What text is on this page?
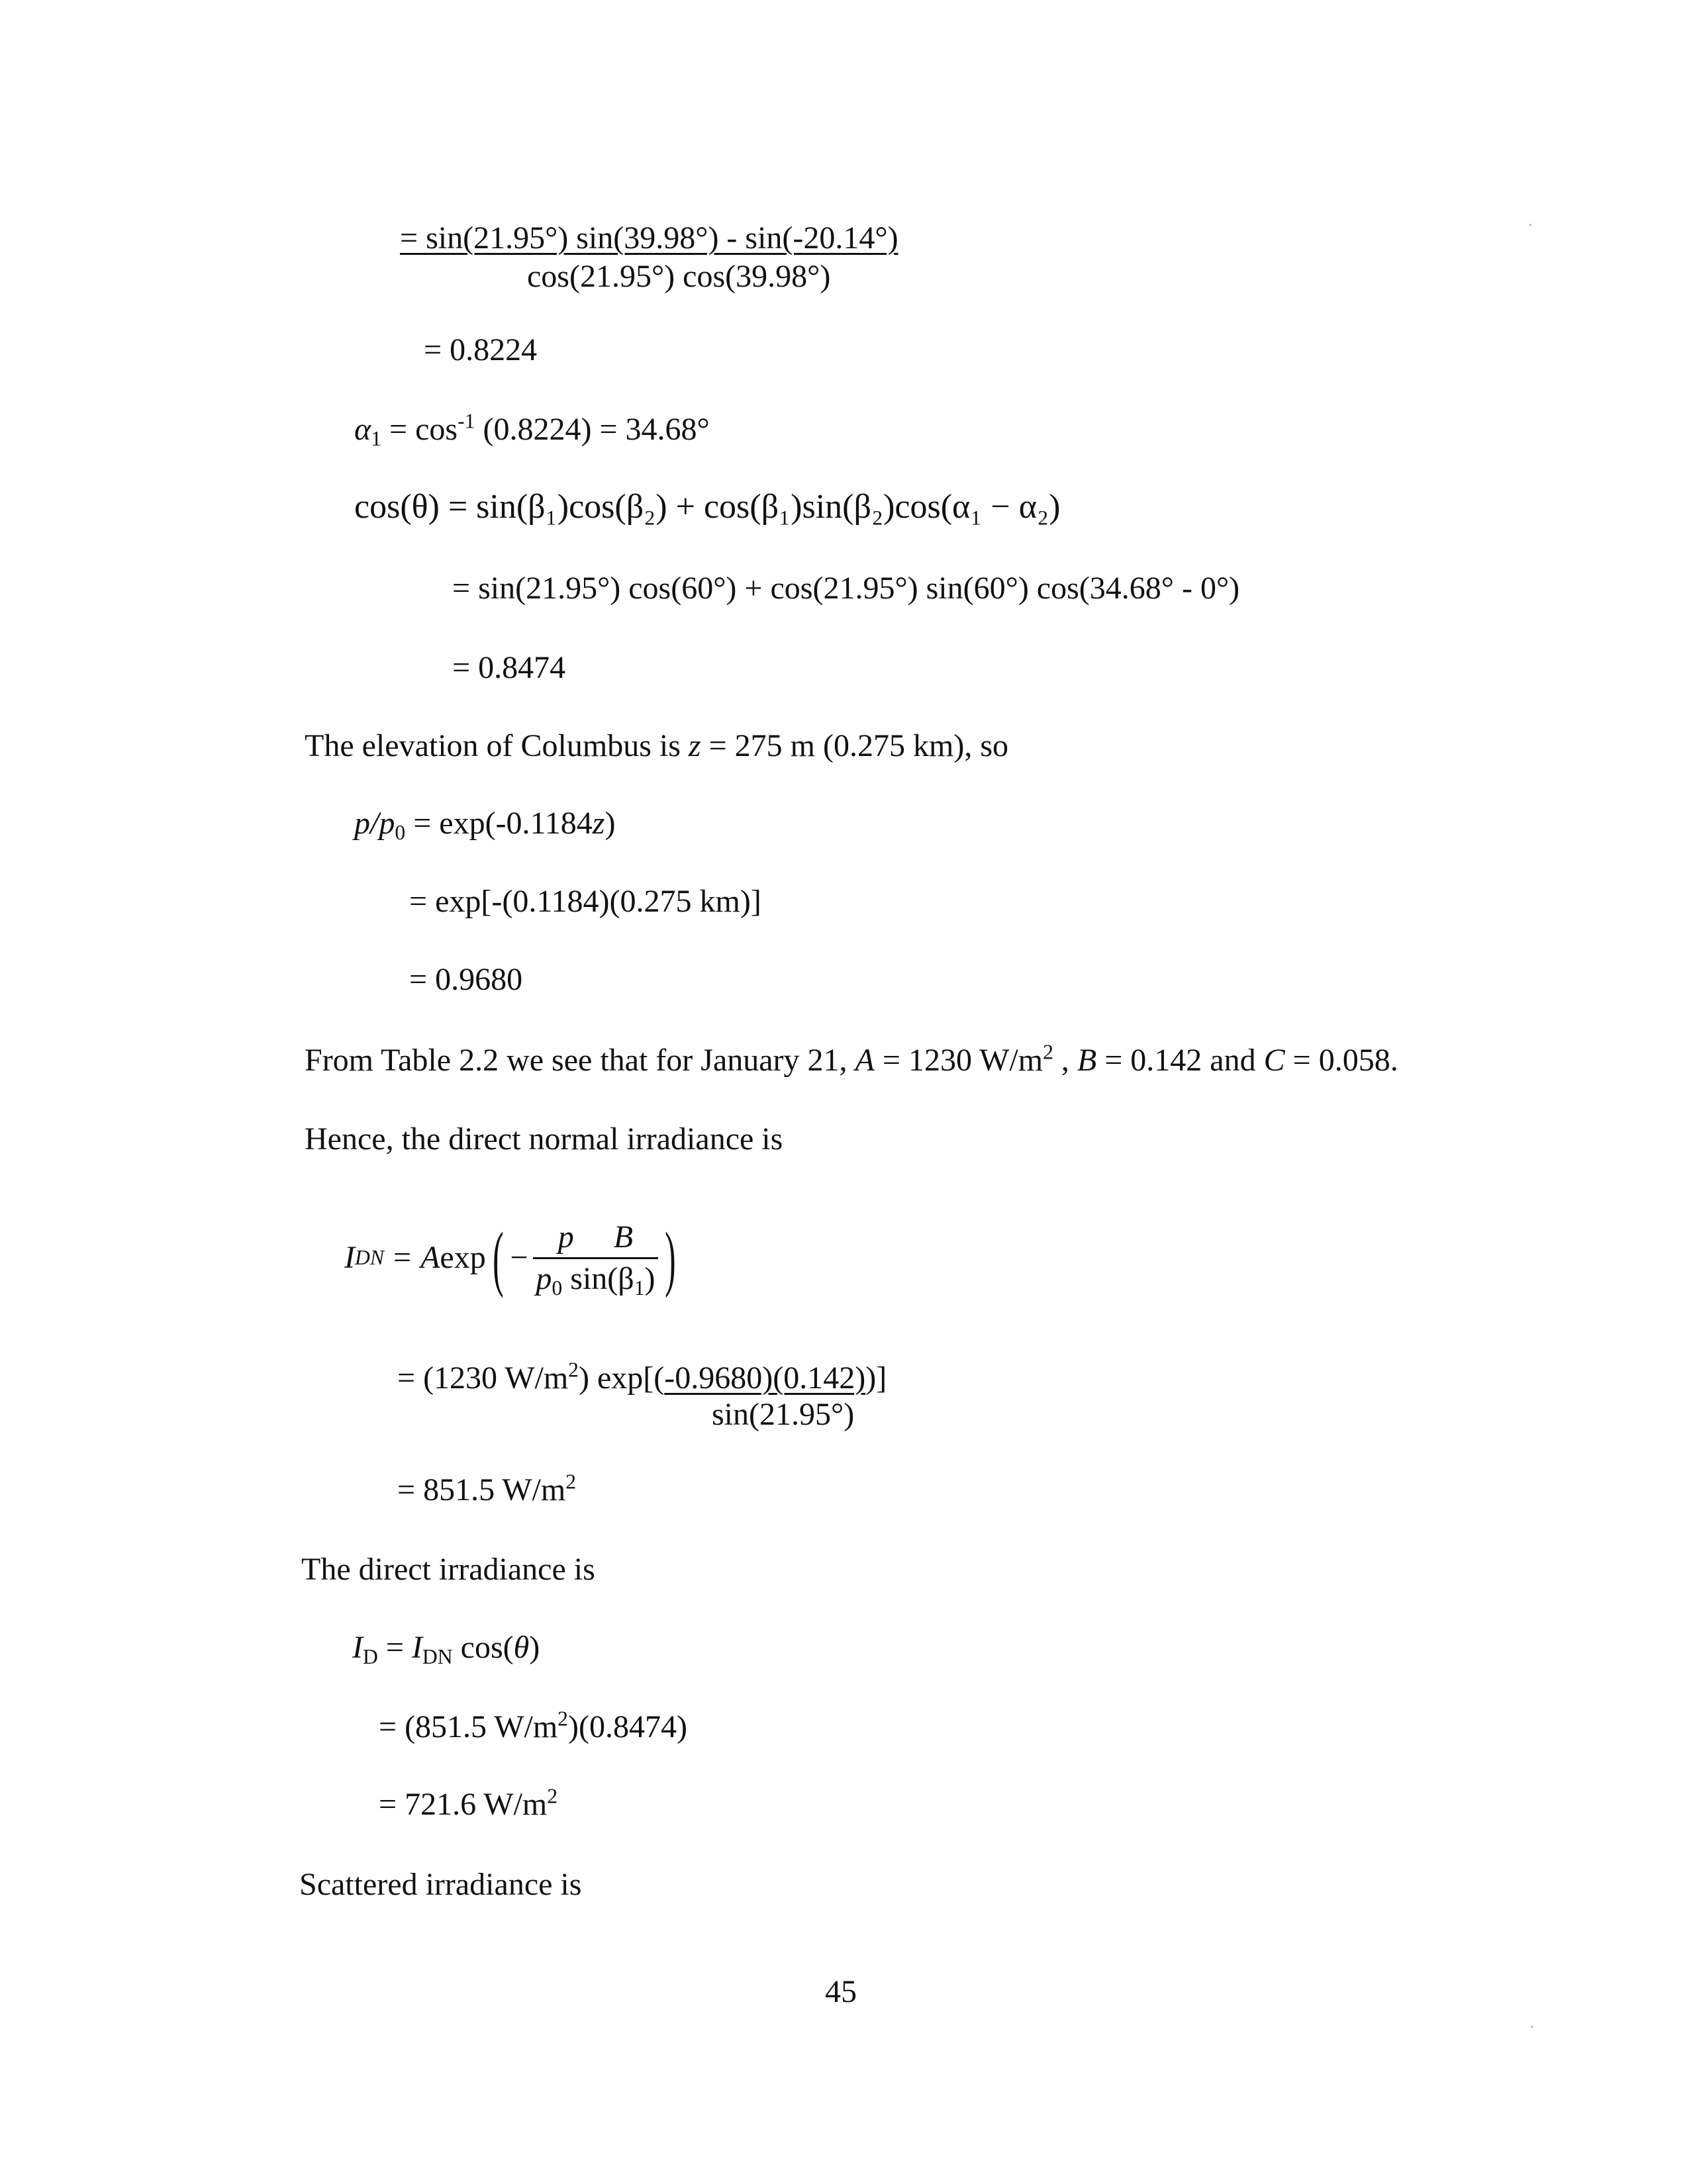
= sin(21.95°) sin(39.98°) - sin(-20.14°)
cos(21.95°) cos(39.98°)
= 0.8224
$\alpha_1 = \cos^{-1} (0.8224) = 34.68^\circ$
cos(θ) = sin(β₁)cos(β₂) + cos(β₁)sin(β₂)cos(α₁ − α₂)
= sin(21.95°) cos(60°) + cos(21.95°) sin(60°) cos(34.68° - 0°)
= 0.8474
The elevation of Columbus is z = 275 m (0.275 km), so
$p/p_0 = \exp(-0.1184z)$
= exp[-(0.1184)(0.275 km)]
= 0.9680
From Table 2.2 we see that for January 21, A = 1230 $W/m^2$ , B = 0.142 and C = 0.058.
Hence, the direct normal irradiance is
I DN = A exp ( − $\frac{\text{p B}}{p_0 \sin(\beta_1)}$ )
= (1230 $W/m^2$) exp[(-0.9680)(0.142))]
sin(21.95°)
= 851.5 $W/m^2$
The direct irradiance is
$I_D = I_{DN}$ cos(θ)
= (851.5 $W/m^2)(0.8474)$
= 721.6 $W/m^2$
Scattered irradiance is
45
